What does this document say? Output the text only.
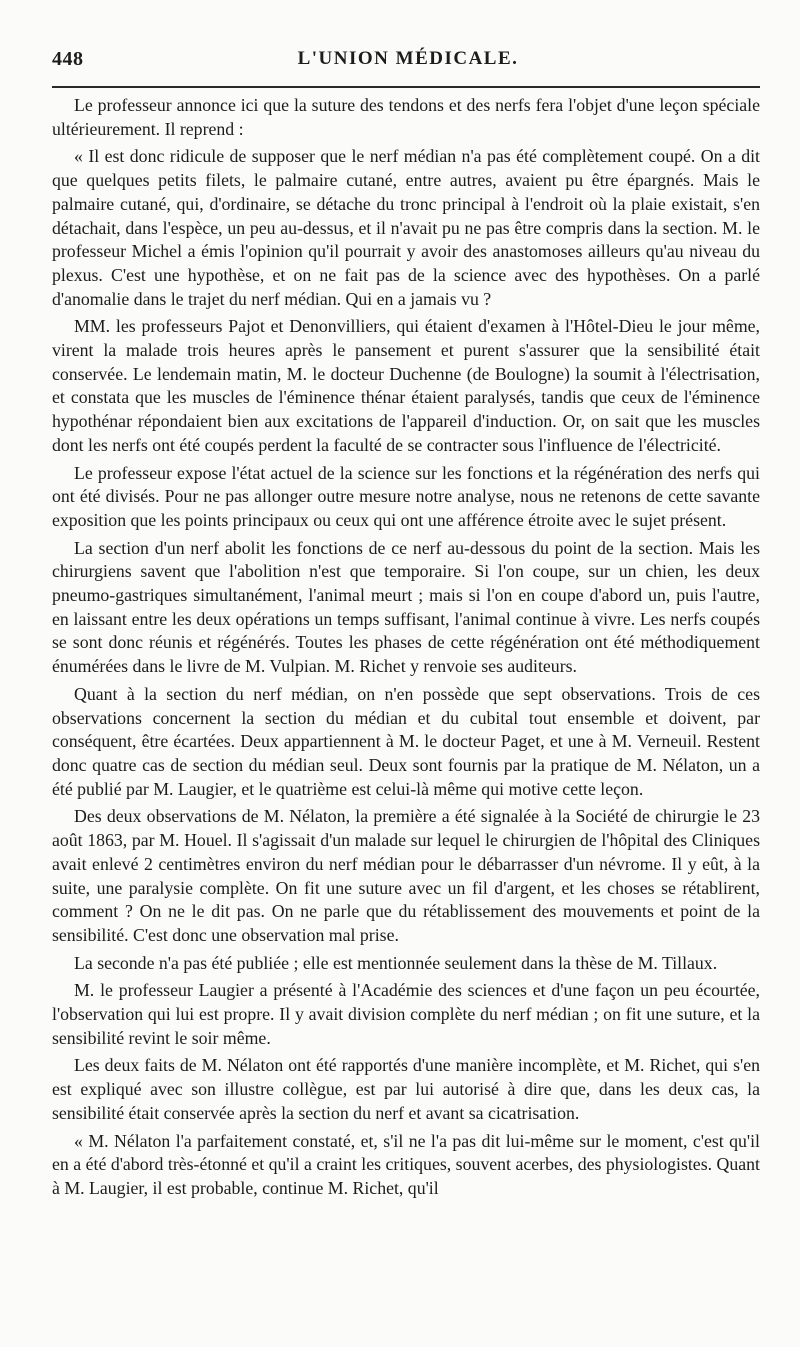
448	L'UNION MÉDICALE.

Le professeur annonce ici que la suture des tendons et des nerfs fera l'objet d'une leçon spéciale ultérieurement. Il reprend :

« Il est donc ridicule de supposer que le nerf médian n'a pas été complètement coupé. On a dit que quelques petits filets, le palmaire cutané, entre autres, avaient pu être épargnés. Mais le palmaire cutané, qui, d'ordinaire, se détache du tronc principal à l'endroit où la plaie existait, s'en détachait, dans l'espèce, un peu au-dessus, et il n'avait pu ne pas être compris dans la section. M. le professeur Michel a émis l'opinion qu'il pourrait y avoir des anastomoses ailleurs qu'au niveau du plexus. C'est une hypothèse, et on ne fait pas de la science avec des hypothèses. On a parlé d'anomalie dans le trajet du nerf médian. Qui en a jamais vu ?

MM. les professeurs Pajot et Denonvilliers, qui étaient d'examen à l'Hôtel-Dieu le jour même, virent la malade trois heures après le pansement et purent s'assurer que la sensibilité était conservée. Le lendemain matin, M. le docteur Duchenne (de Boulogne) la soumit à l'électrisation, et constata que les muscles de l'éminence thénar étaient paralysés, tandis que ceux de l'éminence hypothénar répondaient bien aux excitations de l'appareil d'induction. Or, on sait que les muscles dont les nerfs ont été coupés perdent la faculté de se contracter sous l'influence de l'électricité.

Le professeur expose l'état actuel de la science sur les fonctions et la régénération des nerfs qui ont été divisés. Pour ne pas allonger outre mesure notre analyse, nous ne retenons de cette savante exposition que les points principaux ou ceux qui ont une afférence étroite avec le sujet présent.

La section d'un nerf abolit les fonctions de ce nerf au-dessous du point de la section. Mais les chirurgiens savent que l'abolition n'est que temporaire. Si l'on coupe, sur un chien, les deux pneumo-gastriques simultanément, l'animal meurt ; mais si l'on en coupe d'abord un, puis l'autre, en laissant entre les deux opérations un temps suffisant, l'animal continue à vivre. Les nerfs coupés se sont donc réunis et régénérés. Toutes les phases de cette régénération ont été méthodiquement énumérées dans le livre de M. Vulpian. M. Richet y renvoie ses auditeurs.

Quant à la section du nerf médian, on n'en possède que sept observations. Trois de ces observations concernent la section du médian et du cubital tout ensemble et doivent, par conséquent, être écartées. Deux appartiennent à M. le docteur Paget, et une à M. Verneuil. Restent donc quatre cas de section du médian seul. Deux sont fournis par la pratique de M. Nélaton, un a été publié par M. Laugier, et le quatrième est celui-là même qui motive cette leçon.

Des deux observations de M. Nélaton, la première a été signalée à la Société de chirurgie le 23 août 1863, par M. Houel. Il s'agissait d'un malade sur lequel le chirurgien de l'hôpital des Cliniques avait enlevé 2 centimètres environ du nerf médian pour le débarrasser d'un névrome. Il y eût, à la suite, une paralysie complète. On fit une suture avec un fil d'argent, et les choses se rétablirent, comment ? On ne le dit pas. On ne parle que du rétablissement des mouvements et point de la sensibilité. C'est donc une observation mal prise.

La seconde n'a pas été publiée ; elle est mentionnée seulement dans la thèse de M. Tillaux.

M. le professeur Laugier a présenté à l'Académie des sciences et d'une façon un peu écourtée, l'observation qui lui est propre. Il y avait division complète du nerf médian ; on fit une suture, et la sensibilité revint le soir même.

Les deux faits de M. Nélaton ont été rapportés d'une manière incomplète, et M. Richet, qui s'en est expliqué avec son illustre collègue, est par lui autorisé à dire que, dans les deux cas, la sensibilité était conservée après la section du nerf et avant sa cicatrisation.

« M. Nélaton l'a parfaitement constaté, et, s'il ne l'a pas dit lui-même sur le moment, c'est qu'il en a été d'abord très-étonné et qu'il a craint les critiques, souvent acerbes, des physiologistes. Quant à M. Laugier, il est probable, continue M. Richet, qu'il
